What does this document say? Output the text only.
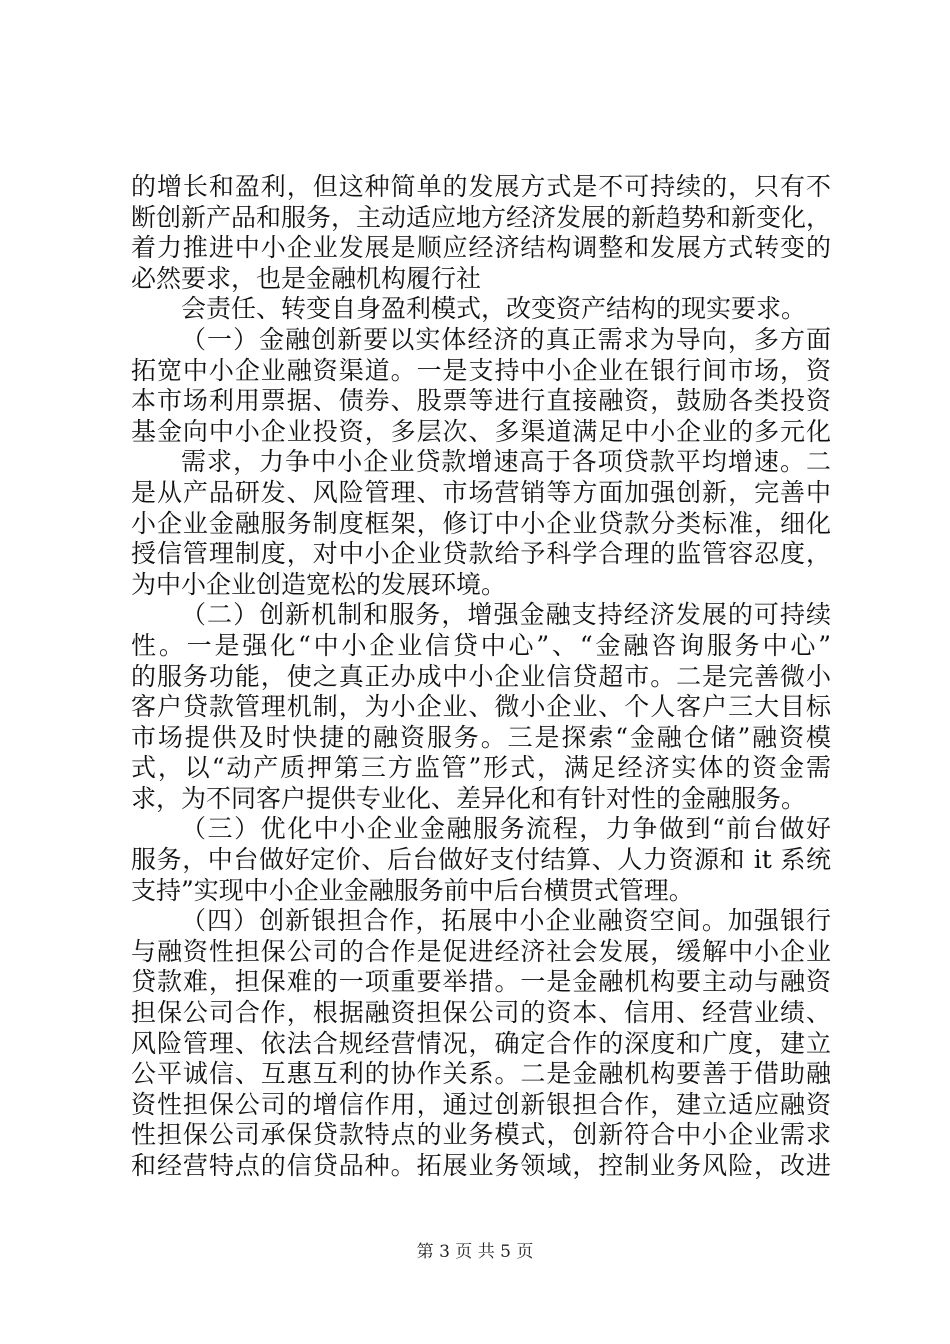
的增长和盈利，但这种简单的发展方式是不可持续的，只有不
断创新产品和服务，主动适应地方经济发展的新趋势和新变化，
着力推进中小企业发展是顺应经济结构调整和发展方式转变的
必然要求，也是金融机构履行社
会责任、转变自身盈利模式，改变资产结构的现实要求。
（一）金融创新要以实体经济的真正需求为导向，多方面
拓宽中小企业融资渠道。一是支持中小企业在银行间市场，资
本市场利用票据、债券、股票等进行直接融资，鼓励各类投资
基金向中小企业投资，多层次、多渠道满足中小企业的多元化
需求，力争中小企业贷款增速高于各项贷款平均增速。二
是从产品研发、风险管理、市场营销等方面加强创新，完善中
小企业金融服务制度框架，修订中小企业贷款分类标准，细化
授信管理制度，对中小企业贷款给予科学合理的监管容忍度，
为中小企业创造宽松的发展环境。
（二）创新机制和服务，增强金融支持经济发展的可持续
性。一是强化“中小企业信贷中心”、“金融咨询服务中心”
的服务功能，使之真正办成中小企业信贷超市。二是完善微小
客户贷款管理机制，为小企业、微小企业、个人客户三大目标
市场提供及时快捷的融资服务。三是探索“金融仓储”融资模
式，以“动产质押第三方监管”形式，满足经济实体的资金需
求，为不同客户提供专业化、差异化和有针对性的金融服务。
（三）优化中小企业金融服务流程，力争做到“前台做好
服务，中台做好定价、后台做好支付结算、人力资源和 it 系统
支持”实现中小企业金融服务前中后台横贯式管理。
（四）创新银担合作，拓展中小企业融资空间。加强银行
与融资性担保公司的合作是促进经济社会发展，缓解中小企业
贷款难，担保难的一项重要举措。一是金融机构要主动与融资
担保公司合作，根据融资担保公司的资本、信用、经营业绩、
风险管理、依法合规经营情况，确定合作的深度和广度，建立
公平诚信、互惠互利的协作关系。二是金融机构要善于借助融
资性担保公司的增信作用，通过创新银担合作，建立适应融资
性担保公司承保贷款特点的业务模式，创新符合中小企业需求
和经营特点的信贷品种。拓展业务领域，控制业务风险，改进
第 3 页 共 5 页
